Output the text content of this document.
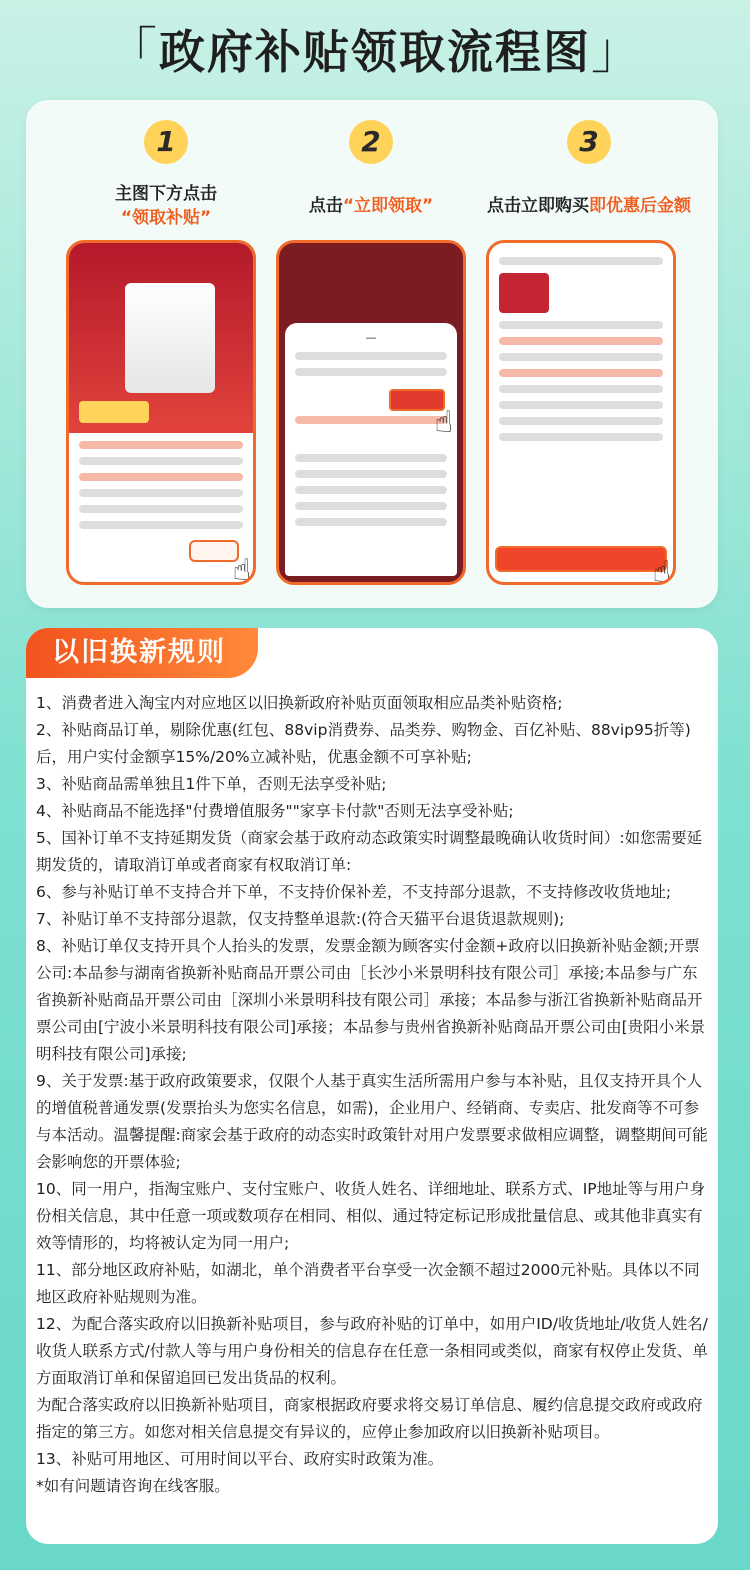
「政府补贴领取流程图」
1
主图下方点击
“领取补贴”
2
点击“立即领取”
3
点击立即购买即优惠后金额
☝
—
☝
☝
以旧换新规则

1、消费者进入淘宝内对应地区以旧换新政府补贴页面领取相应品类补贴资格;

2、补贴商品订单，剔除优惠(红包、88vip消费券、品类券、购物金、百亿补贴、88vip95折等)后，用户实付金额享15%/20%立减补贴，优惠金额不可享补贴;

3、补贴商品需单独且1件下单，否则无法享受补贴;

4、补贴商品不能选择"付费增值服务""家享卡付款"否则无法享受补贴;

5、国补订单不支持延期发货（商家会基于政府动态政策实时调整最晚确认收货时间）:如您需要延期发货的，请取消订单或者商家有权取消订单:

6、参与补贴订单不支持合并下单，不支持价保补差，不支持部分退款，不支持修改收货地址;

7、补贴订单不支持部分退款，仅支持整单退款:(符合天猫平台退货退款规则);

8、补贴订单仅支持开具个人抬头的发票，发票金额为顾客实付金额+政府以旧换新补贴金额;开票公司:本品参与湖南省换新补贴商品开票公司由［长沙小米景明科技有限公司］承接;本品参与广东省换新补贴商品开票公司由［深圳小米景明科技有限公司］承接；本品参与浙江省换新补贴商品开票公司由[宁波小米景明科技有限公司]承接；本品参与贵州省换新补贴商品开票公司由[贵阳小米景明科技有限公司]承接;

9、关于发票:基于政府政策要求，仅限个人基于真实生活所需用户参与本补贴，且仅支持开具个人的增值税普通发票(发票抬头为您实名信息，如需)，企业用户、经销商、专卖店、批发商等不可参与本活动。温馨提醒:商家会基于政府的动态实时政策针对用户发票要求做相应调整，调整期间可能会影响您的开票体验;

10、同一用户，指淘宝账户、支付宝账户、收货人姓名、详细地址、联系方式、IP地址等与用户身份相关信息，其中任意一项或数项存在相同、相似、通过特定标记形成批量信息、或其他非真实有效等情形的，均将被认定为同一用户;

11、部分地区政府补贴，如湖北，单个消费者平台享受一次金额不超过2000元补贴。具体以不同地区政府补贴规则为准。

12、为配合落实政府以旧换新补贴项目，参与政府补贴的订单中，如用户ID/收货地址/收货人姓名/收货人联系方式/付款人等与用户身份相关的信息存在任意一条相同或类似，商家有权停止发货、单方面取消订单和保留追回已发出货品的权利。

为配合落实政府以旧换新补贴项目，商家根据政府要求将交易订单信息、履约信息提交政府或政府指定的第三方。如您对相关信息提交有异议的，应停止参加政府以旧换新补贴项目。

13、补贴可用地区、可用时间以平台、政府实时政策为准。

*如有问题请咨询在线客服。
